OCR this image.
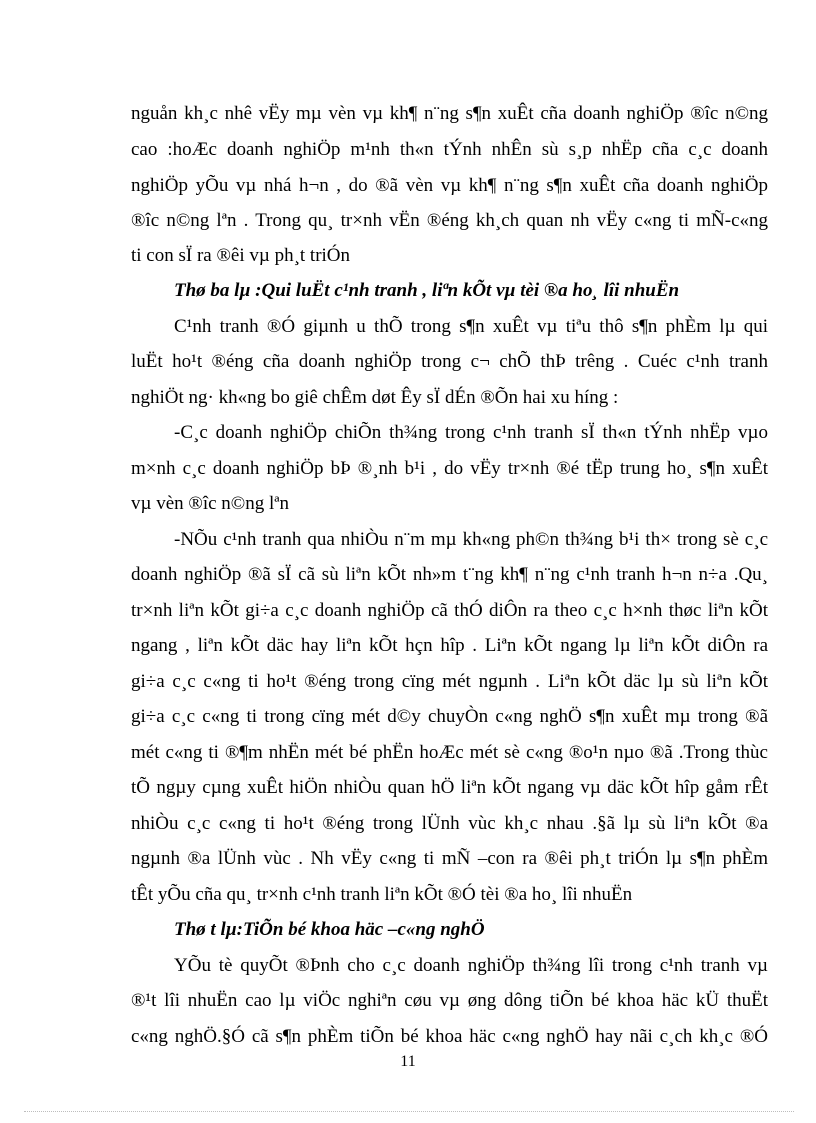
nguån kh¸c nhê vËy mµ vèn vµ kh¶ n¨ng s¶n xuÊt cña doanh nghiÖp ®îc n©ng

cao :hoÆc doanh nghiÖp m¹nh th«n tÝnh nhÊn sù s¸p nhËp cña c¸c doanh

nghiÖp yÕu vµ nhá h¬n , do ®ã vèn vµ kh¶ n¨ng s¶n xuÊt cña doanh nghiÖp

®îc n©ng lªn . Trong qu¸ tr×nh vËn ®éng kh¸ch quan nh vËy c«ng ti mÑ-c«ng

ti con sÏ ra ®êi vµ ph¸t triÓn

Thø ba lµ :Qui luËt c¹nh tranh , liªn kÕt vµ tèi ®a ho¸ lîi nhuËn

C¹nh tranh ®Ó giµnh u thÕ trong s¶n xuÊt vµ tiªu thô s¶n phÈm lµ qui

luËt ho¹t ®éng cña doanh nghiÖp trong c¬ chÕ thÞ trêng . Cuéc c¹nh tranh

nghiÖt ng· kh«ng bo giê chÊm døt Êy sÏ dÉn ®Õn hai xu híng :

-C¸c doanh nghiÖp chiÕn th¾ng trong c¹nh tranh sÏ th«n tÝnh nhËp vµo

m×nh c¸c doanh nghiÖp bÞ ®¸nh b¹i , do vËy tr×nh ®é tËp trung ho¸ s¶n xuÊt

vµ vèn ®îc n©ng lªn

-NÕu c¹nh tranh qua nhiÒu n¨m mµ kh«ng ph©n th¾ng b¹i th× trong sè c¸c

doanh nghiÖp ®ã sÏ cã sù liªn kÕt nh»m t¨ng kh¶ n¨ng c¹nh tranh h¬n n÷a .Qu¸

tr×nh liªn kÕt gi÷a c¸c doanh nghiÖp cã thÓ diÔn ra theo c¸c h×nh thøc liªn kÕt

ngang , liªn kÕt däc hay liªn kÕt hçn hîp . Liªn kÕt ngang lµ liªn kÕt diÔn ra

gi÷a c¸c c«ng ti ho¹t ®éng trong cïng mét ngµnh . Liªn kÕt däc lµ sù liªn kÕt

gi÷a c¸c c«ng ti trong cïng mét d©y chuyÒn c«ng nghÖ s¶n xuÊt mµ trong ®ã

mét c«ng ti ®¶m nhËn mét bé phËn hoÆc mét sè c«ng ®o¹n nµo ®ã .Trong thùc

tÕ ngµy cµng xuÊt hiÖn nhiÒu quan hÖ liªn kÕt ngang vµ däc kÕt hîp gåm rÊt

nhiÒu c¸c c«ng ti ho¹t ®éng trong lÜnh vùc kh¸c nhau .§ã lµ sù liªn kÕt ®a

ngµnh ®a lÜnh vùc . Nh vËy c«ng ti mÑ –con ra ®êi ph¸t triÓn lµ s¶n phÈm

tÊt yÕu cña qu¸ tr×nh c¹nh tranh liªn kÕt ®Ó tèi ®a ho¸ lîi nhuËn

Thø t lµ:TiÕn bé khoa häc –c«ng nghÖ

YÕu tè quyÕt ®Þnh cho c¸c doanh nghiÖp th¾ng lîi trong c¹nh tranh vµ

®¹t lîi nhuËn cao lµ viÖc nghiªn cøu vµ øng dông tiÕn bé khoa häc kÜ thuËt

c«ng nghÖ.§Ó cã s¶n phÈm tiÕn bé khoa häc c«ng nghÖ hay nãi c¸ch kh¸c ®Ó

11
